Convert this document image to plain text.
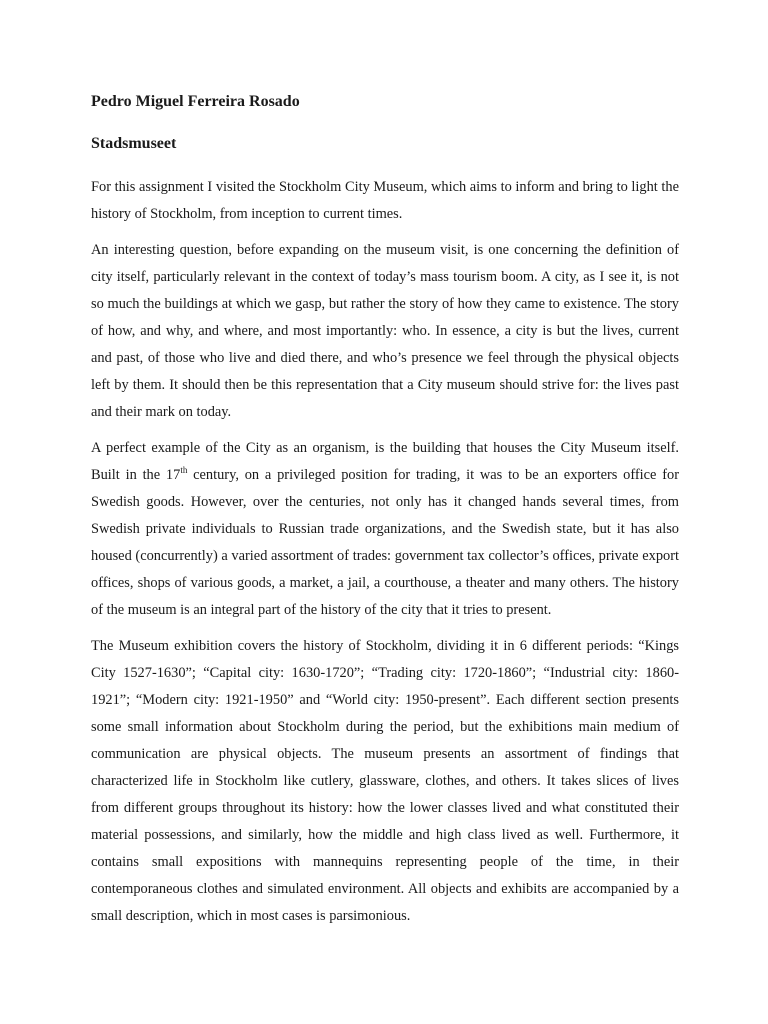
Pedro Miguel Ferreira Rosado

Stadsmuseet

For this assignment I visited the Stockholm City Museum, which aims to inform and bring to light the history of Stockholm, from inception to current times.

An interesting question, before expanding on the museum visit, is one concerning the definition of city itself, particularly relevant in the context of today’s mass tourism boom. A city, as I see it, is not so much the buildings at which we gasp, but rather the story of how they came to existence. The story of how, and why, and where, and most importantly: who. In essence, a city is but the lives, current and past, of those who live and died there, and who’s presence we feel through the physical objects left by them. It should then be this representation that a City museum should strive for: the lives past and their mark on today.

A perfect example of the City as an organism, is the building that houses the City Museum itself. Built in the 17th century, on a privileged position for trading, it was to be an exporters office for Swedish goods. However, over the centuries, not only has it changed hands several times, from Swedish private individuals to Russian trade organizations, and the Swedish state, but it has also housed (concurrently) a varied assortment of trades: government tax collector’s offices, private export offices, shops of various goods, a market, a jail, a courthouse, a theater and many others. The history of the museum is an integral part of the history of the city that it tries to present.

The Museum exhibition covers the history of Stockholm, dividing it in 6 different periods: “Kings City 1527-1630”; “Capital city: 1630-1720”; “Trading city: 1720-1860”; “Industrial city: 1860-1921”; “Modern city: 1921-1950” and “World city: 1950-present”. Each different section presents some small information about Stockholm during the period, but the exhibitions main medium of communication are physical objects. The museum presents an assortment of findings that characterized life in Stockholm like cutlery, glassware, clothes, and others. It takes slices of lives from different groups throughout its history: how the lower classes lived and what constituted their material possessions, and similarly, how the middle and high class lived as well. Furthermore, it contains small expositions with mannequins representing people of the time, in their contemporaneous clothes and simulated environment. All objects and exhibits are accompanied by a small description, which in most cases is parsimonious.
